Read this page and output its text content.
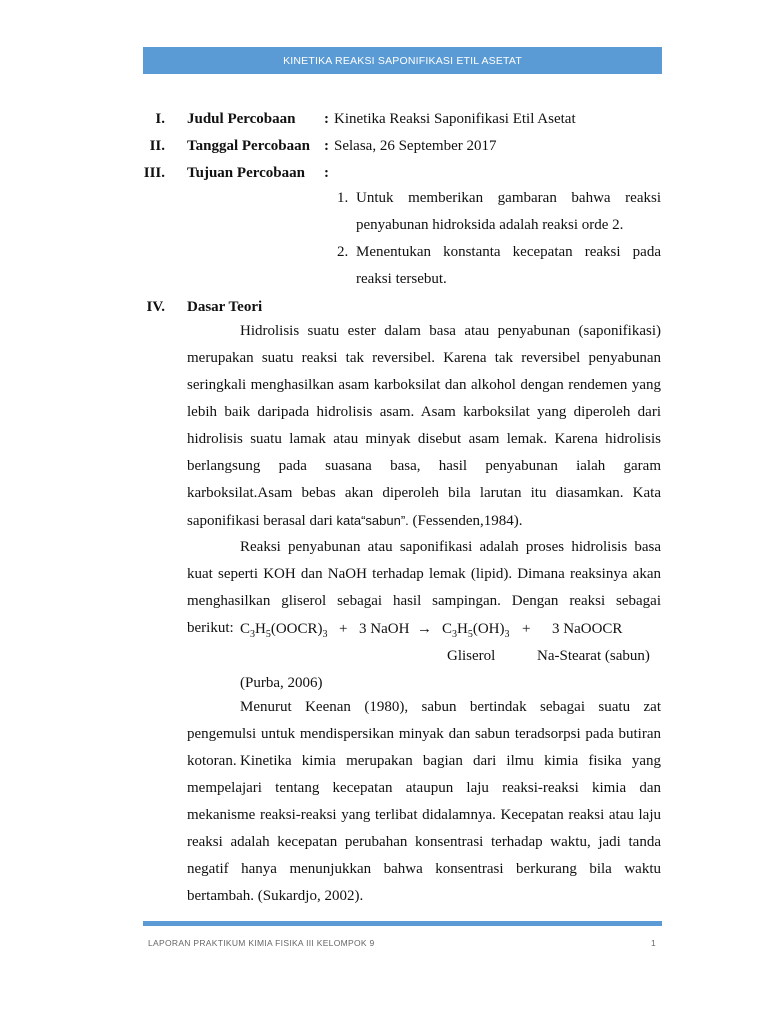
KINETIKA REAKSI SAPONIFIKASI ETIL ASETAT
I. Judul Percobaan : Kinetika Reaksi Saponifikasi Etil Asetat
II. Tanggal Percobaan : Selasa, 26 September 2017
III. Tujuan Percobaan :
1. Untuk memberikan gambaran bahwa reaksi penyabunan hidroksida adalah reaksi orde 2.
2. Menentukan konstanta kecepatan reaksi pada reaksi tersebut.
IV. Dasar Teori

Hidrolisis suatu ester dalam basa atau penyabunan (saponifikasi) merupakan suatu reaksi tak reversibel. Karena tak reversibel penyabunan seringkali menghasilkan asam karboksilat dan alkohol dengan rendemen yang lebih baik daripada hidrolisis asam. Asam karboksilat yang diperoleh dari hidrolisis suatu lamak atau minyak disebut asam lemak. Karena hidrolisis berlangsung pada suasana basa, hasil penyabunan ialah garam karboksilat.Asam bebas akan diperoleh bila larutan itu diasamkan. Kata saponifikasi berasal dari kata“sabun”. (Fessenden,1984).

Reaksi penyabunan atau saponifikasi adalah proses hidrolisis basa kuat seperti KOH dan NaOH terhadap lemak (lipid). Dimana reaksinya akan menghasilkan gliserol sebagai hasil sampingan. Dengan reaksi sebagai berikut: $C_3H_5(OOCR)_3 + 3$ NaOH → $C_3H_5(OH)_3 + 3$ NaOOCR
Gliserol	Na-Stearat (sabun)
(Purba, 2006)

Menurut Keenan (1980), sabun bertindak sebagai suatu zat pengemulsi untuk mendispersikan minyak dan sabun teradsorpsi pada butiran kotoran. Kinetika kimia merupakan bagian dari ilmu kimia fisika yang mempelajari tentang kecepatan ataupun laju reaksi-reaksi kimia dan mekanisme reaksi-reaksi yang terlibat didalamnya. Kecepatan reaksi atau laju reaksi adalah kecepatan perubahan konsentrasi terhadap waktu, jadi tanda negatif hanya menunjukkan bahwa konsentrasi berkurang bila waktu bertambah. (Sukardjo, 2002).

LAPORAN PRAKTIKUM KIMIA FISIKA III KELOMPOK 9	1
